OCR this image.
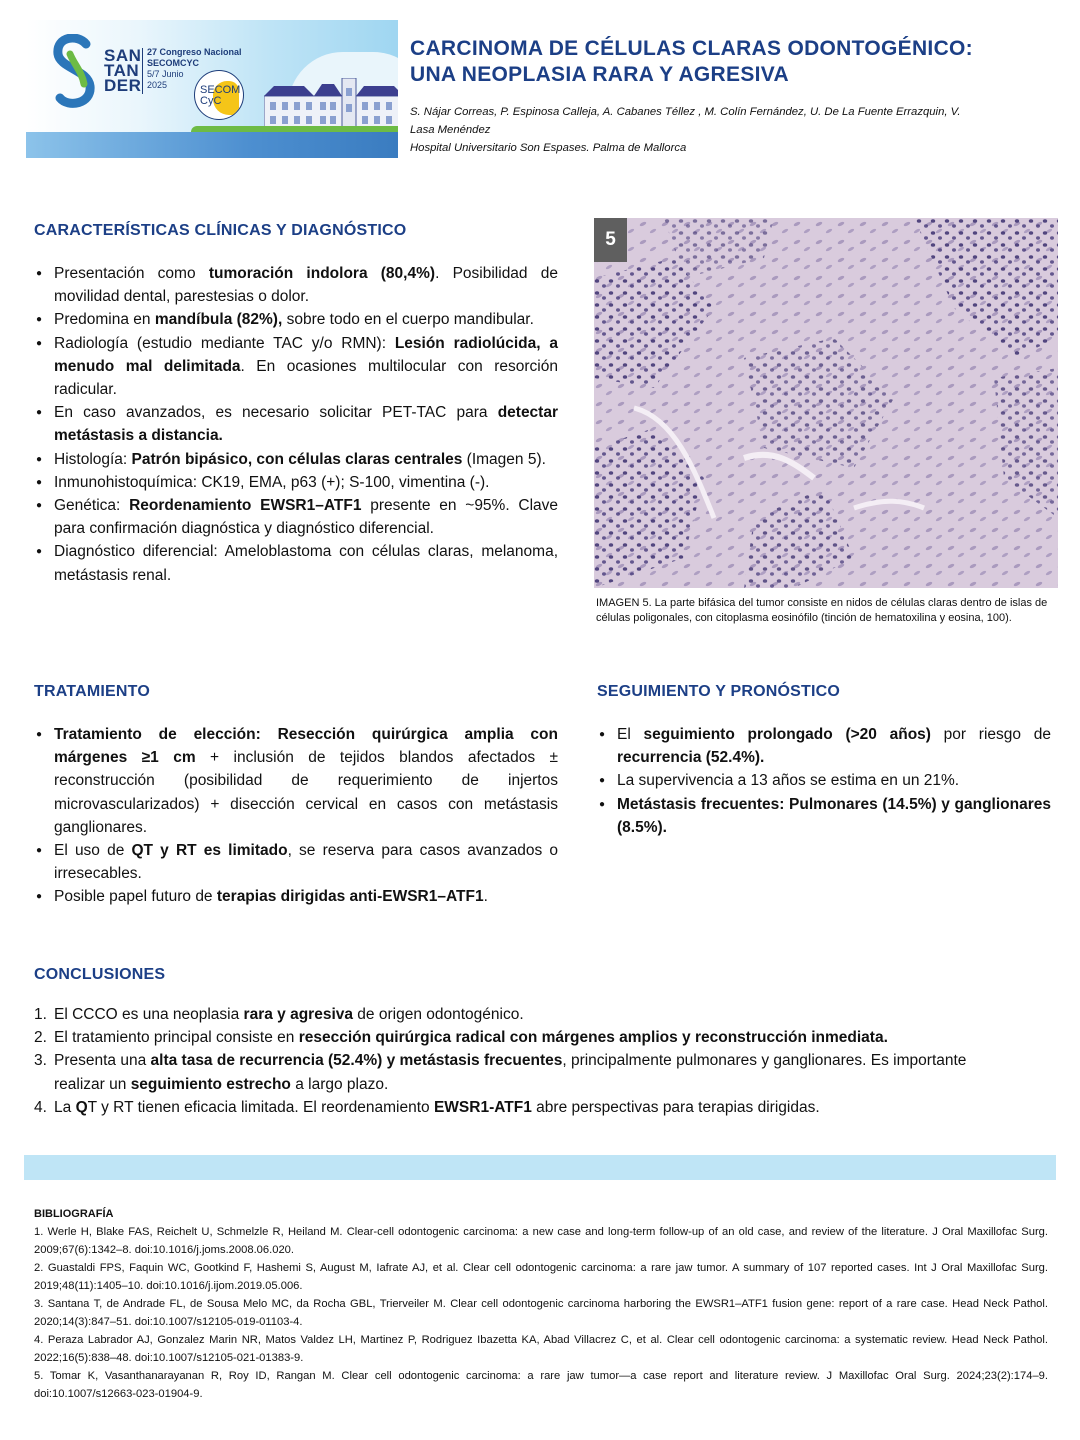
SAN
TAN
DER
27 Congreso Nacional
SECOMCYC
5/7 Junio
2025	SECOM
CyC
CARCINOMA DE CÉLULAS CLARAS ODONTOGÉNICO:
UNA NEOPLASIA RARA Y AGRESIVA
S. Nájar Correas, P. Espinosa Calleja, A. Cabanes Téllez , M. Colín Fernández, U. De La Fuente Errazquin, V.
Lasa Menéndez
Hospital Universitario Son Espases. Palma de Mallorca
CARACTERÍSTICAS CLÍNICAS Y DIAGNÓSTICO
● Presentación como tumoración indolora (80,4%). Posibilidad de movilidad dental, parestesias o dolor.
● Predomina en mandíbula (82%), sobre todo en el cuerpo mandibular.
● Radiología (estudio mediante TAC y/o RMN): Lesión radiolúcida, a menudo mal delimitada. En ocasiones multilocular con resorción radicular.
● En caso avanzados, es necesario solicitar PET-TAC para detectar metástasis a distancia.
● Histología: Patrón bipásico, con células claras centrales (Imagen 5).
● Inmunohistoquímica: CK19, EMA, p63 (+); S-100, vimentina (-).
● Genética: Reordenamiento EWSR1–ATF1 presente en ~95%. Clave para confirmación diagnóstica y diagnóstico diferencial.
● Diagnóstico diferencial: Ameloblastoma con células claras, melanoma, metástasis renal.
5
IMAGEN 5. La parte bifásica del tumor consiste en nidos de células claras dentro de islas de células poligonales, con citoplasma eosinófilo (tinción de hematoxilina y eosina, 100).
TRATAMIENTO
● Tratamiento de elección: Resección quirúrgica amplia con márgenes ≥1 cm + inclusión de tejidos blandos afectados ± reconstrucción (posibilidad de requerimiento de injertos microvascularizados) + disección cervical en casos con metástasis ganglionares.
● El uso de QT y RT es limitado, se reserva para casos avanzados o irresecables.
● Posible papel futuro de terapias dirigidas anti-EWSR1–ATF1.
SEGUIMIENTO Y PRONÓSTICO
● El seguimiento prolongado (>20 años) por riesgo de recurrencia (52.4%).
● La supervivencia a 13 años se estima en un 21%.
● Metástasis frecuentes: Pulmonares (14.5%) y ganglionares (8.5%).
CONCLUSIONES
1. El CCCO es una neoplasia rara y agresiva de origen odontogénico.
2. El tratamiento principal consiste en resección quirúrgica radical con márgenes amplios y reconstrucción inmediata.
3. Presenta una alta tasa de recurrencia (52.4%) y metástasis frecuentes, principalmente pulmonares y ganglionares. Es importante realizar un seguimiento estrecho a largo plazo.
4. La QT y RT tienen eficacia limitada. El reordenamiento EWSR1-ATF1 abre perspectivas para terapias dirigidas.
BIBLIOGRAFÍA
1. Werle H, Blake FAS, Reichelt U, Schmelzle R, Heiland M. Clear-cell odontogenic carcinoma: a new case and long-term follow-up of an old case, and review of the literature. J Oral Maxillofac Surg. 2009;67(6):1342–8. doi:10.1016/j.joms.2008.06.020.
2. Guastaldi FPS, Faquin WC, Gootkind F, Hashemi S, August M, Iafrate AJ, et al. Clear cell odontogenic carcinoma: a rare jaw tumor. A summary of 107 reported cases. Int J Oral Maxillofac Surg. 2019;48(11):1405–10. doi:10.1016/j.ijom.2019.05.006.
3. Santana T, de Andrade FL, de Sousa Melo MC, da Rocha GBL, Trierveiler M. Clear cell odontogenic carcinoma harboring the EWSR1–ATF1 fusion gene: report of a rare case. Head Neck Pathol. 2020;14(3):847–51. doi:10.1007/s12105-019-01103-4.
4. Peraza Labrador AJ, Gonzalez Marin NR, Matos Valdez LH, Martinez P, Rodriguez Ibazetta KA, Abad Villacrez C, et al. Clear cell odontogenic carcinoma: a systematic review. Head Neck Pathol. 2022;16(5):838–48. doi:10.1007/s12105-021-01383-9.
5. Tomar K, Vasanthanarayanan R, Roy ID, Rangan M. Clear cell odontogenic carcinoma: a rare jaw tumor—a case report and literature review. J Maxillofac Oral Surg. 2024;23(2):174–9. doi:10.1007/s12663-023-01904-9.
